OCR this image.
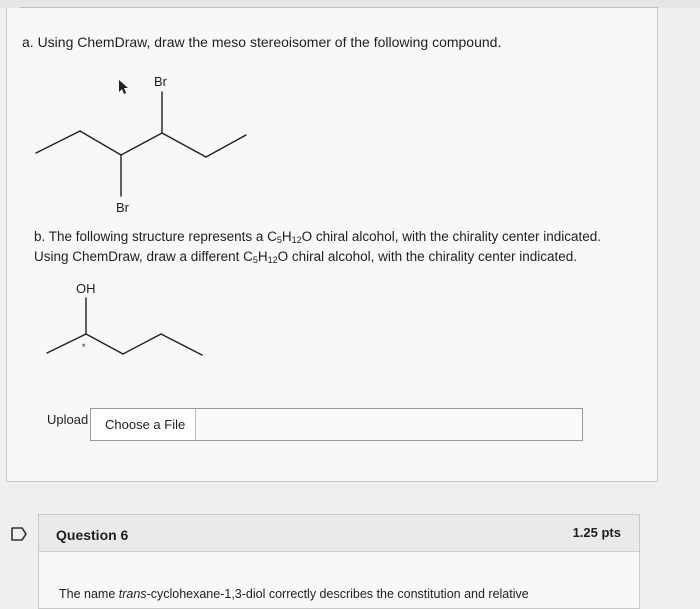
a. Using ChemDraw, draw the meso stereoisomer of the following compound.
Br
Br
b. The following structure represents a $C_5H_{12}O$ chiral alcohol, with the chirality center indicated.
Using ChemDraw, draw a different $C_5H_{12}O$ chiral alcohol, with the chirality center indicated.
OH
*
Upload	Choose a File
Question 6	1.25 pts
The name trans-cyclohexane-1,3-diol correctly describes the constitution and relative
